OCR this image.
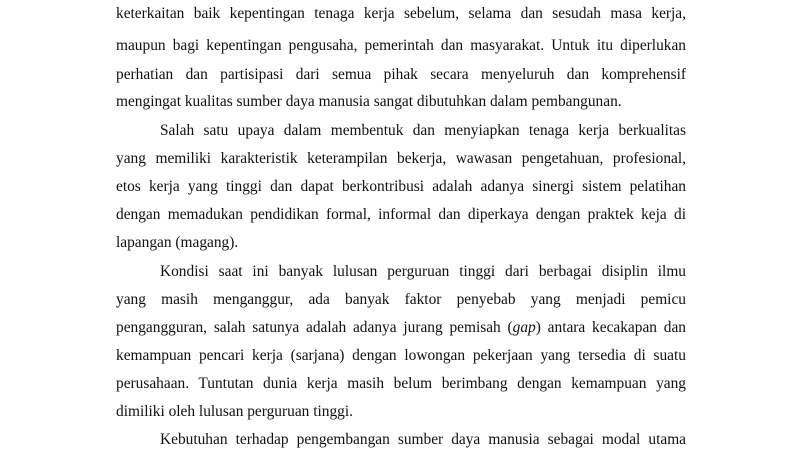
keterkaitan baik kepentingan tenaga kerja sebelum, selama dan sesudah masa kerja,
maupun bagi kepentingan pengusaha, pemerintah dan masyarakat. Untuk itu diperlukan
perhatian dan partisipasi dari semua pihak secara menyeluruh dan komprehensif
mengingat kualitas sumber daya manusia sangat dibutuhkan dalam pembangunan.
Salah satu upaya dalam membentuk dan menyiapkan tenaga kerja berkualitas
yang memiliki karakteristik keterampilan bekerja, wawasan pengetahuan, profesional,
etos kerja yang tinggi dan dapat berkontribusi adalah adanya sinergi sistem pelatihan
dengan memadukan pendidikan formal, informal dan diperkaya dengan praktek keja di
lapangan (magang).
Kondisi saat ini banyak lulusan perguruan tinggi dari berbagai disiplin ilmu
yang masih menganggur, ada banyak faktor penyebab yang menjadi pemicu
pengangguran, salah satunya adalah adanya jurang pemisah (gap) antara kecakapan dan
kemampuan pencari kerja (sarjana) dengan lowongan pekerjaan yang tersedia di suatu
perusahaan. Tuntutan dunia kerja masih belum berimbang dengan kemampuan yang
dimiliki oleh lulusan perguruan tinggi.
Kebutuhan terhadap pengembangan sumber daya manusia sebagai modal utama
